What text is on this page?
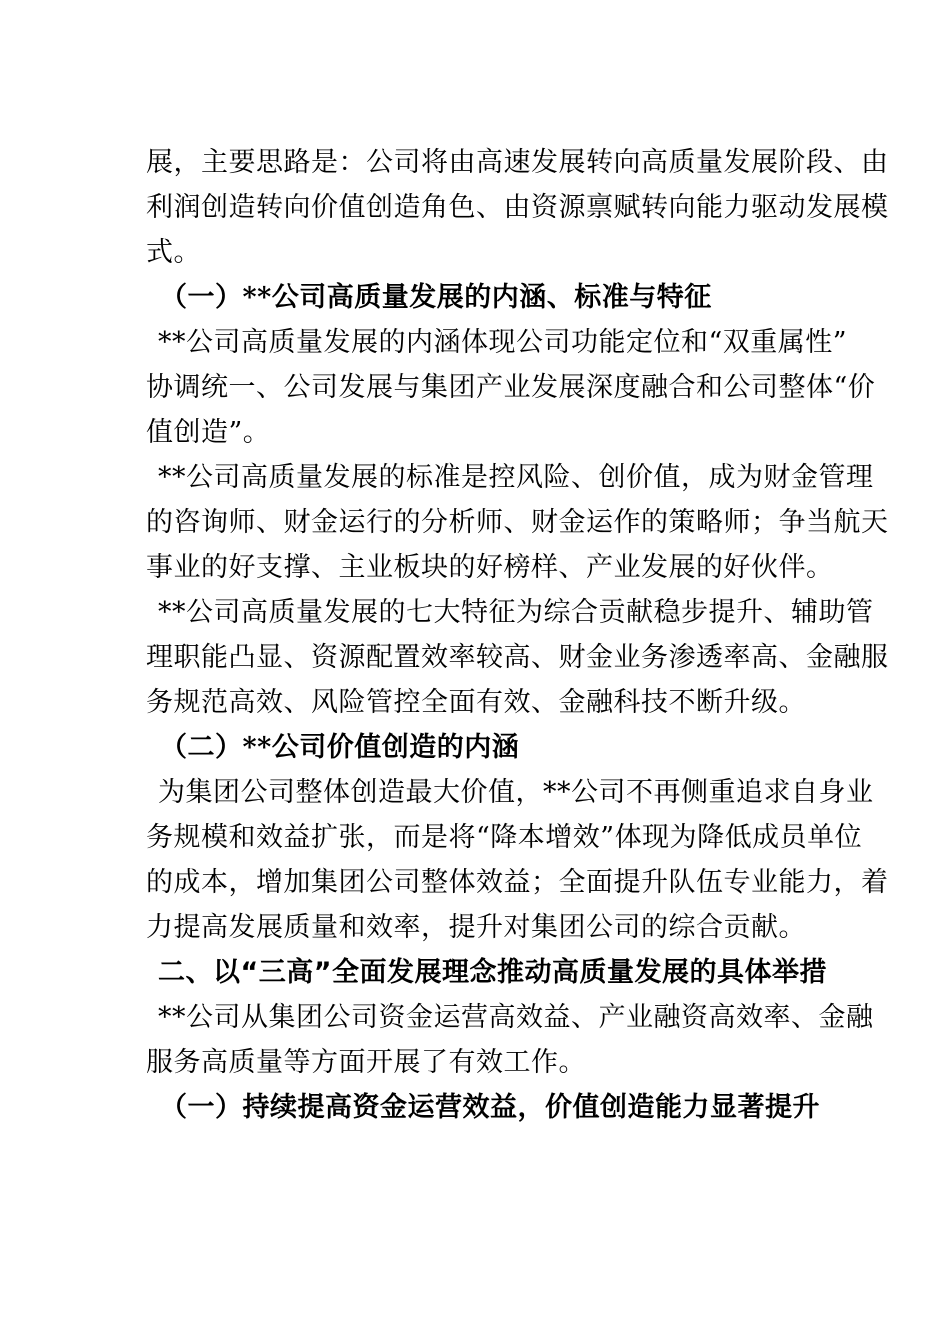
展，主要思路是：公司将由高速发展转向高质量发展阶段、由
利润创造转向价值创造角色、由资源禀赋转向能力驱动发展模
式。
（一）**公司高质量发展的内涵、标准与特征
**公司高质量发展的内涵体现公司功能定位和“双重属性”
协调统一、公司发展与集团产业发展深度融合和公司整体“价
值创造”。
**公司高质量发展的标准是控风险、创价值，成为财金管理
的咨询师、财金运行的分析师、财金运作的策略师；争当航天
事业的好支撑、主业板块的好榜样、产业发展的好伙伴。
**公司高质量发展的七大特征为综合贡献稳步提升、辅助管
理职能凸显、资源配置效率较高、财金业务渗透率高、金融服
务规范高效、风险管控全面有效、金融科技不断升级。
（二）**公司价值创造的内涵
为集团公司整体创造最大价值，**公司不再侧重追求自身业
务规模和效益扩张，而是将“降本增效”体现为降低成员单位
的成本，增加集团公司整体效益；全面提升队伍专业能力，着
力提高发展质量和效率，提升对集团公司的综合贡献。
二、以“三高”全面发展理念推动高质量发展的具体举措
**公司从集团公司资金运营高效益、产业融资高效率、金融
服务高质量等方面开展了有效工作。
（一）持续提高资金运营效益，价值创造能力显著提升
